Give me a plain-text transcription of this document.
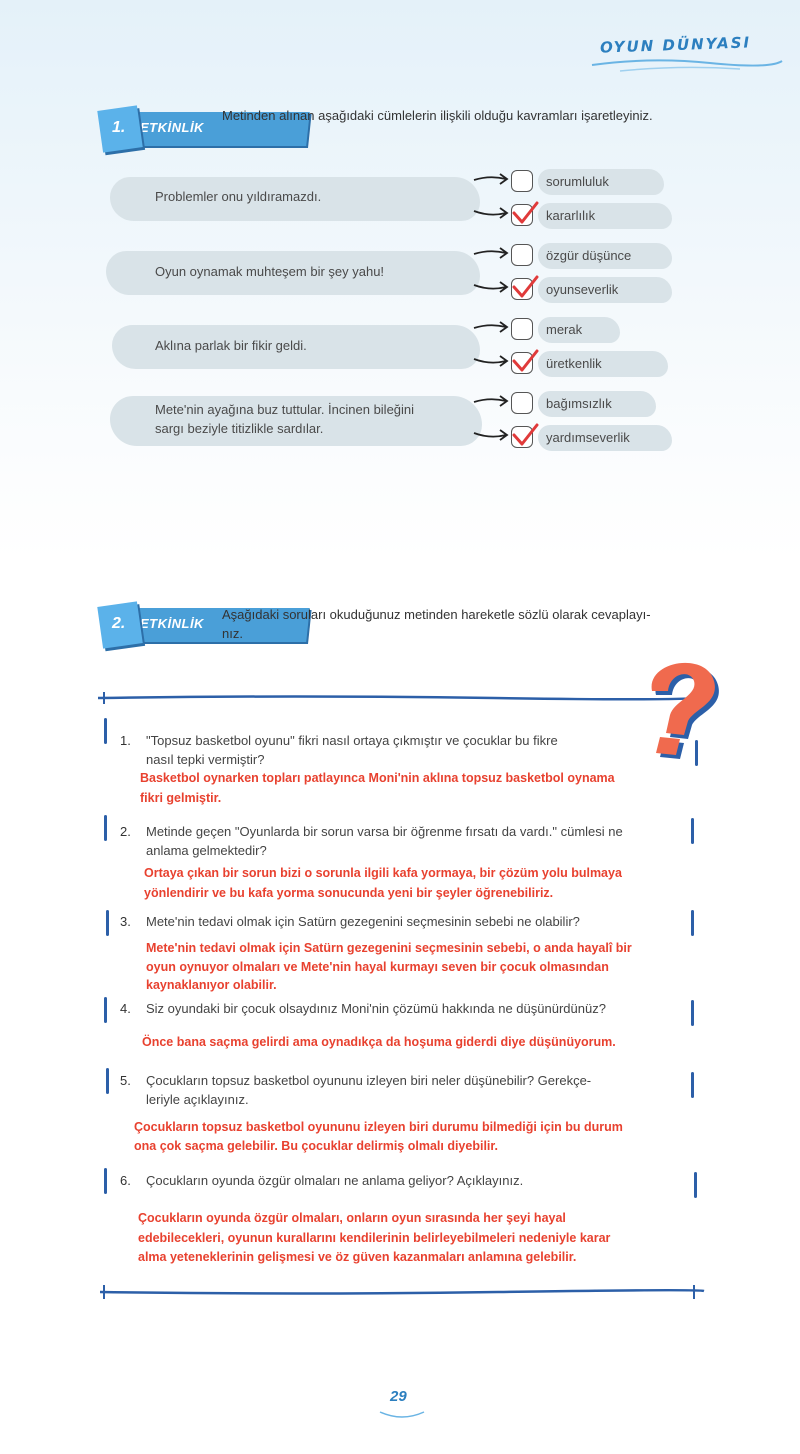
OYUN DÜNYASI
ETKİNLİK
1.
Metinden alınan aşağıdaki cümlelerin ilişkili olduğu kavramları işaretleyiniz.
Problemler onu yıldıramazdı.
sorumluluk
kararlılık
Oyun oynamak muhteşem bir şey yahu!
özgür düşünce
oyunseverlik
Aklına parlak bir fikir geldi.
merak
üretkenlik
Mete'nin ayağına buz tuttular. İncinen bileğini
sargı beziyle titizlikle sardılar.
bağımsızlık
yardımseverlik
ETKİNLİK
2.
Aşağıdaki soruları okuduğunuz metinden hareketle sözlü olarak cevaplayı-
nız.
1. "Topsuz basketbol oyunu" fikri nasıl ortaya çıkmıştır ve çocuklar bu fikre
nasıl tepki vermiştir?
Basketbol oynarken topları patlayınca Moni'nin aklına topsuz basketbol oynama
fikri gelmiştir.
2. Metinde geçen "Oyunlarda bir sorun varsa bir öğrenme fırsatı da vardı." cümlesi ne
anlama gelmektedir?
Ortaya çıkan bir sorun bizi o sorunla ilgili kafa yormaya, bir çözüm yolu bulmaya
yönlendirir ve bu kafa yorma sonucunda yeni bir şeyler öğrenebiliriz.
3. Mete'nin tedavi olmak için Satürn gezegenini seçmesinin sebebi ne olabilir?
Mete'nin tedavi olmak için Satürn gezegenini seçmesinin sebebi, o anda hayalî bir
oyun oynuyor olmaları ve Mete'nin hayal kurmayı seven bir çocuk olmasından
kaynaklanıyor olabilir.
4. Siz oyundaki bir çocuk olsaydınız Moni'nin çözümü hakkında ne düşünürdünüz?
Önce bana saçma gelirdi ama oynadıkça da hoşuma giderdi diye düşünüyorum.
5. Çocukların topsuz basketbol oyununu izleyen biri neler düşünebilir? Gerekçe-
leriyle açıklayınız.
Çocukların topsuz basketbol oyununu izleyen biri durumu bilmediği için bu durum
ona çok saçma gelebilir. Bu çocuklar delirmiş olmalı diyebilir.
6. Çocukların oyunda özgür olmaları ne anlama geliyor? Açıklayınız.
Çocukların oyunda özgür olmaları, onların oyun sırasında her şeyi hayal
edebilecekleri, oyunun kurallarını kendilerinin belirleyebilmeleri nedeniyle karar
alma yeteneklerinin gelişmesi ve öz güven kazanmaları anlamına gelebilir.
29
